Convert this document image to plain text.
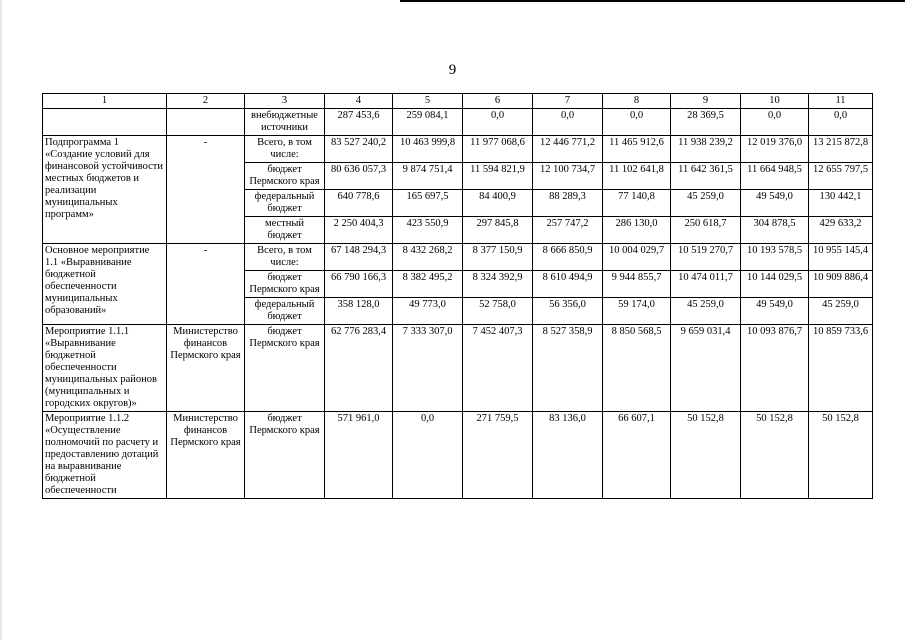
9
1	2	3	4	5	6	7	8	9	10	11
		внебюджетные источники	287 453,6	259 084,1	0,0	0,0	0,0	28 369,5	0,0	0,0
Подпрограмма 1 «Создание условий для финансовой устойчивости местных бюджетов и реализации муниципальных программ»	-	Всего, в том числе:	83 527 240,2	10 463 999,8	11 977 068,6	12 446 771,2	11 465 912,6	11 938 239,2	12 019 376,0	13 215 872,8
		бюджет Пермского края	80 636 057,3	9 874 751,4	11 594 821,9	12 100 734,7	11 102 641,8	11 642 361,5	11 664 948,5	12 655 797,5
		федеральный бюджет	640 778,6	165 697,5	84 400,9	88 289,3	77 140,8	45 259,0	49 549,0	130 442,1
		местный бюджет	2 250 404,3	423 550,9	297 845,8	257 747,2	286 130,0	250 618,7	304 878,5	429 633,2
Основное мероприятие 1.1 «Выравнивание бюджетной обеспеченности муниципальных образований»	-	Всего, в том числе:	67 148 294,3	8 432 268,2	8 377 150,9	8 666 850,9	10 004 029,7	10 519 270,7	10 193 578,5	10 955 145,4
		бюджет Пермского края	66 790 166,3	8 382 495,2	8 324 392,9	8 610 494,9	9 944 855,7	10 474 011,7	10 144 029,5	10 909 886,4
		федеральный бюджет	358 128,0	49 773,0	52 758,0	56 356,0	59 174,0	45 259,0	49 549,0	45 259,0
Мероприятие 1.1.1 «Выравнивание бюджетной обеспеченности муниципальных районов (муниципальных и городских округов)»	Министерство финансов Пермского края	бюджет Пермского края	62 776 283,4	7 333 307,0	7 452 407,3	8 527 358,9	8 850 568,5	9 659 031,4	10 093 876,7	10 859 733,6
Мероприятие 1.1.2 «Осуществление полномочий по расчету и предоставлению дотаций на выравнивание бюджетной обеспеченности	Министерство финансов Пермского края	бюджет Пермского края	571 961,0	0,0	271 759,5	83 136,0	66 607,1	50 152,8	50 152,8	50 152,8
